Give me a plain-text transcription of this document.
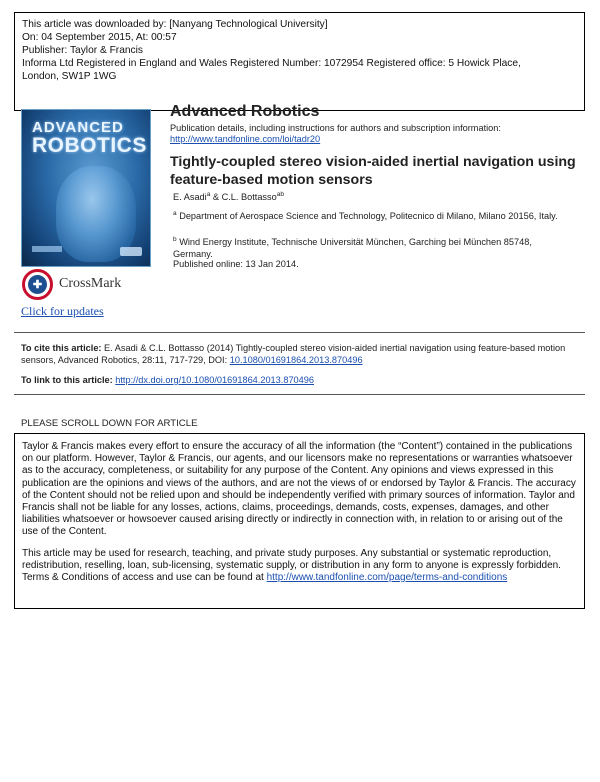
This article was downloaded by: [Nanyang Technological University]
On: 04 September 2015, At: 00:57
Publisher: Taylor & Francis
Informa Ltd Registered in England and Wales Registered Number: 1072954 Registered office: 5 Howick Place,
London, SW1P 1WG
ADVANCED
ROBOTICS
✚	CrossMark
Click for updates
Advanced Robotics
Publication details, including instructions for authors and subscription information:
http://www.tandfonline.com/loi/tadr20
Tightly-coupled stereo vision-aided inertial navigation using feature-based motion sensors
E. Asadi$^a$ & C.L. Bottasso$^{ab}$
$^a$ Department of Aerospace Science and Technology, Politecnico di Milano, Milano 20156, Italy.
$^b$ Wind Energy Institute, Technische Universität München, Garching bei München 85748, Germany.
Published online: 13 Jan 2014.
To cite this article: E. Asadi & C.L. Bottasso (2014) Tightly-coupled stereo vision-aided inertial navigation using feature-based motion sensors, Advanced Robotics, 28:11, 717-729, DOI: 10.1080/01691864.2013.870496
To link to this article: http://dx.doi.org/10.1080/01691864.2013.870496
PLEASE SCROLL DOWN FOR ARTICLE

Taylor & Francis makes every effort to ensure the accuracy of all the information (the “Content”) contained in the publications on our platform. However, Taylor & Francis, our agents, and our licensors make no representations or warranties whatsoever as to the accuracy, completeness, or suitability for any purpose of the Content. Any opinions and views expressed in this publication are the opinions and views of the authors, and are not the views of or endorsed by Taylor & Francis. The accuracy of the Content should not be relied upon and should be independently verified with primary sources of information. Taylor and Francis shall not be liable for any losses, actions, claims, proceedings, demands, costs, expenses, damages, and other liabilities whatsoever or howsoever caused arising directly or indirectly in connection with, in relation to or arising out of the use of the Content.

This article may be used for research, teaching, and private study purposes. Any substantial or systematic reproduction, redistribution, reselling, loan, sub-licensing, systematic supply, or distribution in any form to anyone is expressly forbidden. Terms & Conditions of access and use can be found at http://www.tandfonline.com/page/terms-and-conditions
